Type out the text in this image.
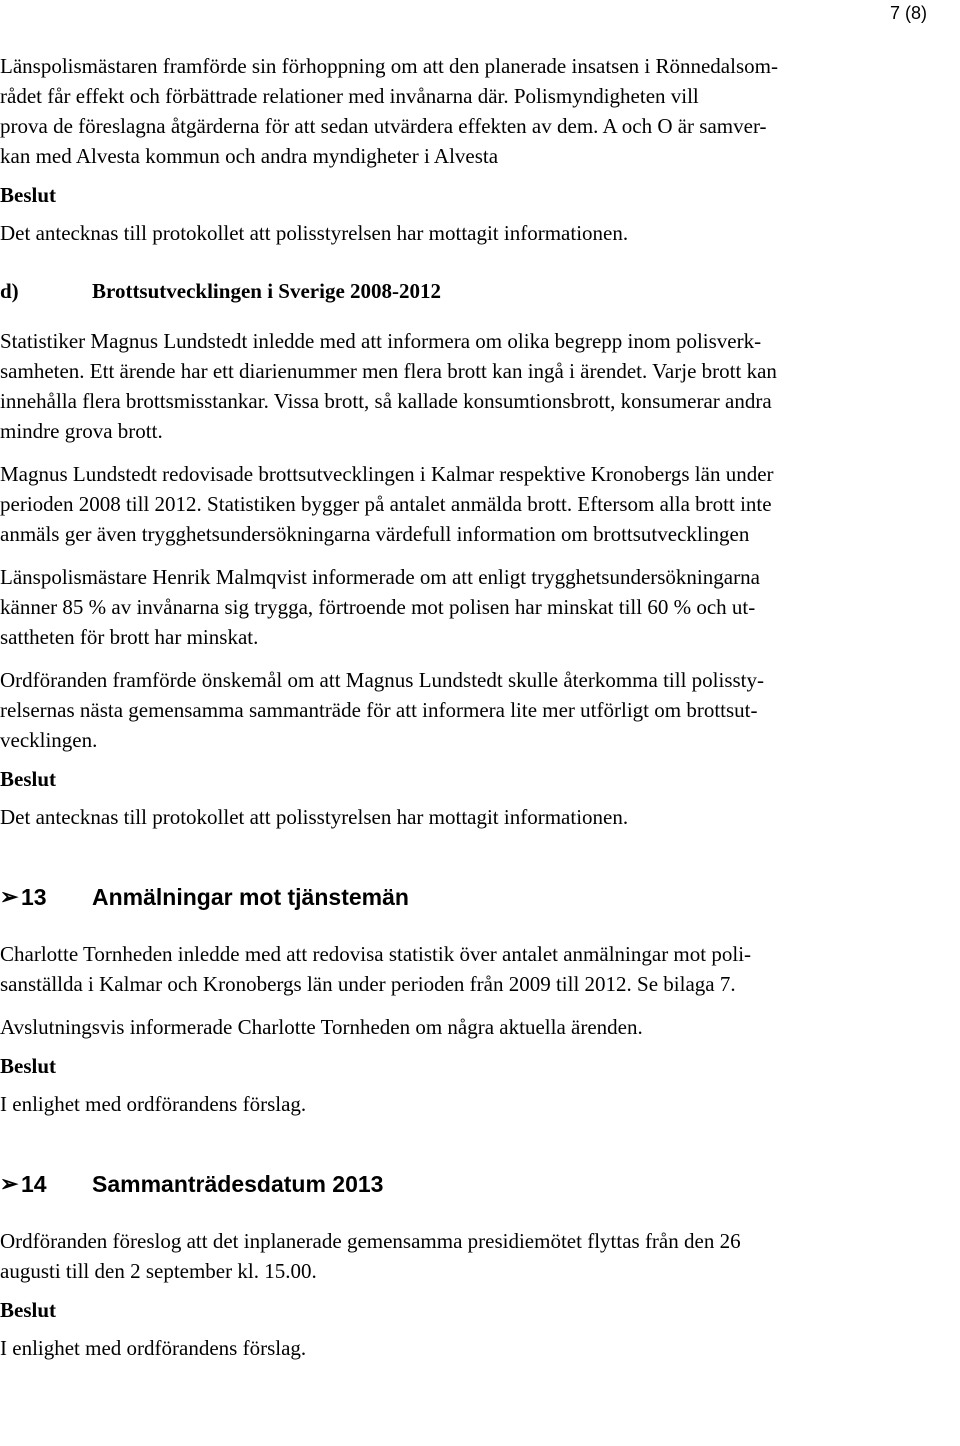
7 (8)

Länspolismästaren framförde sin förhoppning om att den planerade insatsen i Rönnedalsom-
rådet får effekt och förbättrade relationer med invånarna där. Polismyndigheten vill
prova de föreslagna åtgärderna för att sedan utvärdera effekten av dem. A och O är samver-
kan med Alvesta kommun och andra myndigheter i Alvesta

Beslut

Det antecknas till protokollet att polisstyrelsen har mottagit informationen.

d)	Brottsutvecklingen i Sverige 2008-2012

Statistiker Magnus Lundstedt inledde med att informera om olika begrepp inom polisverk-
samheten. Ett ärende har ett diarienummer men flera brott kan ingå i ärendet. Varje brott kan
innehålla flera brottsmisstankar. Vissa brott, så kallade konsumtionsbrott, konsumerar andra
mindre grova brott.

Magnus Lundstedt redovisade brottsutvecklingen i Kalmar respektive Kronobergs län under
perioden 2008 till 2012. Statistiken bygger på antalet anmälda brott. Eftersom alla brott inte
anmäls ger även trygghetsundersökningarna värdefull information om brottsutvecklingen

Länspolismästare Henrik Malmqvist informerade om att enligt trygghetsundersökningarna
känner 85 % av invånarna sig trygga, förtroende mot polisen har minskat till 60 % och ut-
sattheten för brott har minskat.

Ordföranden framförde önskemål om att Magnus Lundstedt skulle återkomma till polissty-
relsernas nästa gemensamma sammanträde för att informera lite mer utförligt om brottsut-
vecklingen.

Beslut

Det antecknas till protokollet att polisstyrelsen har mottagit informationen.

➢ 13	Anmälningar mot tjänstemän

Charlotte Tornheden inledde med att redovisa statistik över antalet anmälningar mot poli-
sanställda i Kalmar och Kronobergs län under perioden från 2009 till 2012. Se bilaga 7.

Avslutningsvis informerade Charlotte Tornheden om några aktuella ärenden.

Beslut

I enlighet med ordförandens förslag.

➢ 14	Sammanträdesdatum 2013

Ordföranden föreslog att det inplanerade gemensamma presidiemötet flyttas från den 26
augusti till den 2 september kl. 15.00.

Beslut

I enlighet med ordförandens förslag.
